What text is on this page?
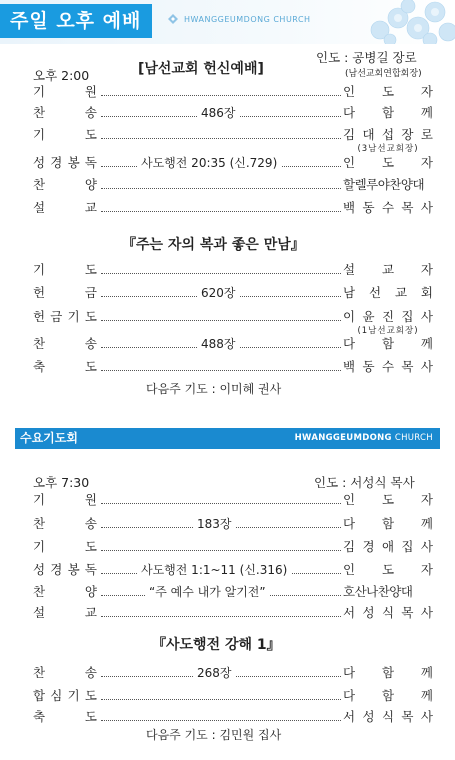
주일 오후 예배	HWANGGEUMDONG CHURCH
인도 : 공병길 장로
(남선교회연합회장)
[남선교회 헌신예배]
오후 2:00
기	원	인 도 자
찬	송	486장	다 함 께
기	도	김 대 섭 장 로
(3남선교회장)
성 경 봉 독	사도행전 20:35 (신.729)	인 도 자
찬	양	할렐루야찬양대
설	교	백 동 수 목 사
『주는 자의 복과 좋은 만남』
기	도	설 교 자
헌	금	620장	남 선 교 회
헌 금 기 도	이 윤 진 집 사
(1남선교회장)
찬	송	488장	다 함 께
축	도	백 동 수 목 사
다음주 기도 : 이미혜 권사
수요기도회	HWANGGEUMDONG CHURCH
오후 7:30	인도 : 서성식 목사
기	원	인 도 자
찬	송	183장	다 함 께
기	도	김 경 애 집 사
성 경 봉 독	사도행전 1:1~11 (신.316)	인 도 자
찬	양	“주 예수 내가 알기전”	호산나찬양대
설	교	서 성 식 목 사
『사도행전 강해 1』
찬	송	268장	다 함 께
합 심 기 도	다 함 께
축	도	서 성 식 목 사
다음주 기도 : 김민원 집사
